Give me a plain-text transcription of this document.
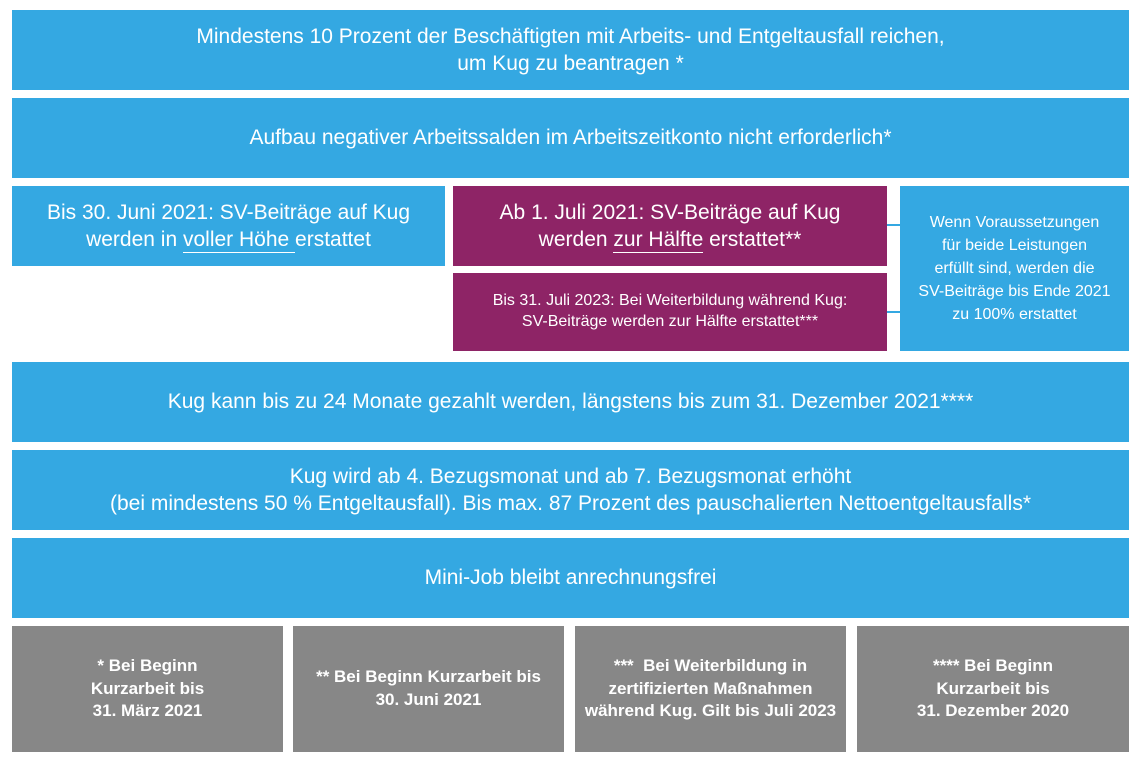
Mindestens 10 Prozent der Beschäftigten mit Arbeits- und Entgeltausfall reichen,
um Kug zu beantragen *
Aufbau negativer Arbeitssalden im Arbeitszeitkonto nicht erforderlich*
Bis 30. Juni 2021: SV-Beiträge auf Kug
werden in voller Höhe erstattet
Ab 1. Juli 2021: SV-Beiträge auf Kug
werden zur Hälfte erstattet**
Bis 31. Juli 2023: Bei Weiterbildung während Kug:
SV-Beiträge werden zur Hälfte erstattet***
Wenn Voraussetzungen
für beide Leistungen
erfüllt sind, werden die
SV-Beiträge bis Ende 2021
zu 100% erstattet
Kug kann bis zu 24 Monate gezahlt werden, längstens bis zum 31. Dezember 2021****
Kug wird ab 4. Bezugsmonat und ab 7. Bezugsmonat erhöht
(bei mindestens 50 % Entgeltausfall). Bis max. 87 Prozent des pauschalierten Nettoentgeltausfalls*
Mini-Job bleibt anrechnungsfrei
* Bei Beginn
Kurzarbeit bis
31. März 2021
** Bei Beginn Kurzarbeit bis
30. Juni 2021
***  Bei Weiterbildung in
zertifizierten Maßnahmen
während Kug. Gilt bis Juli 2023
**** Bei Beginn
Kurzarbeit bis
31. Dezember 2020
